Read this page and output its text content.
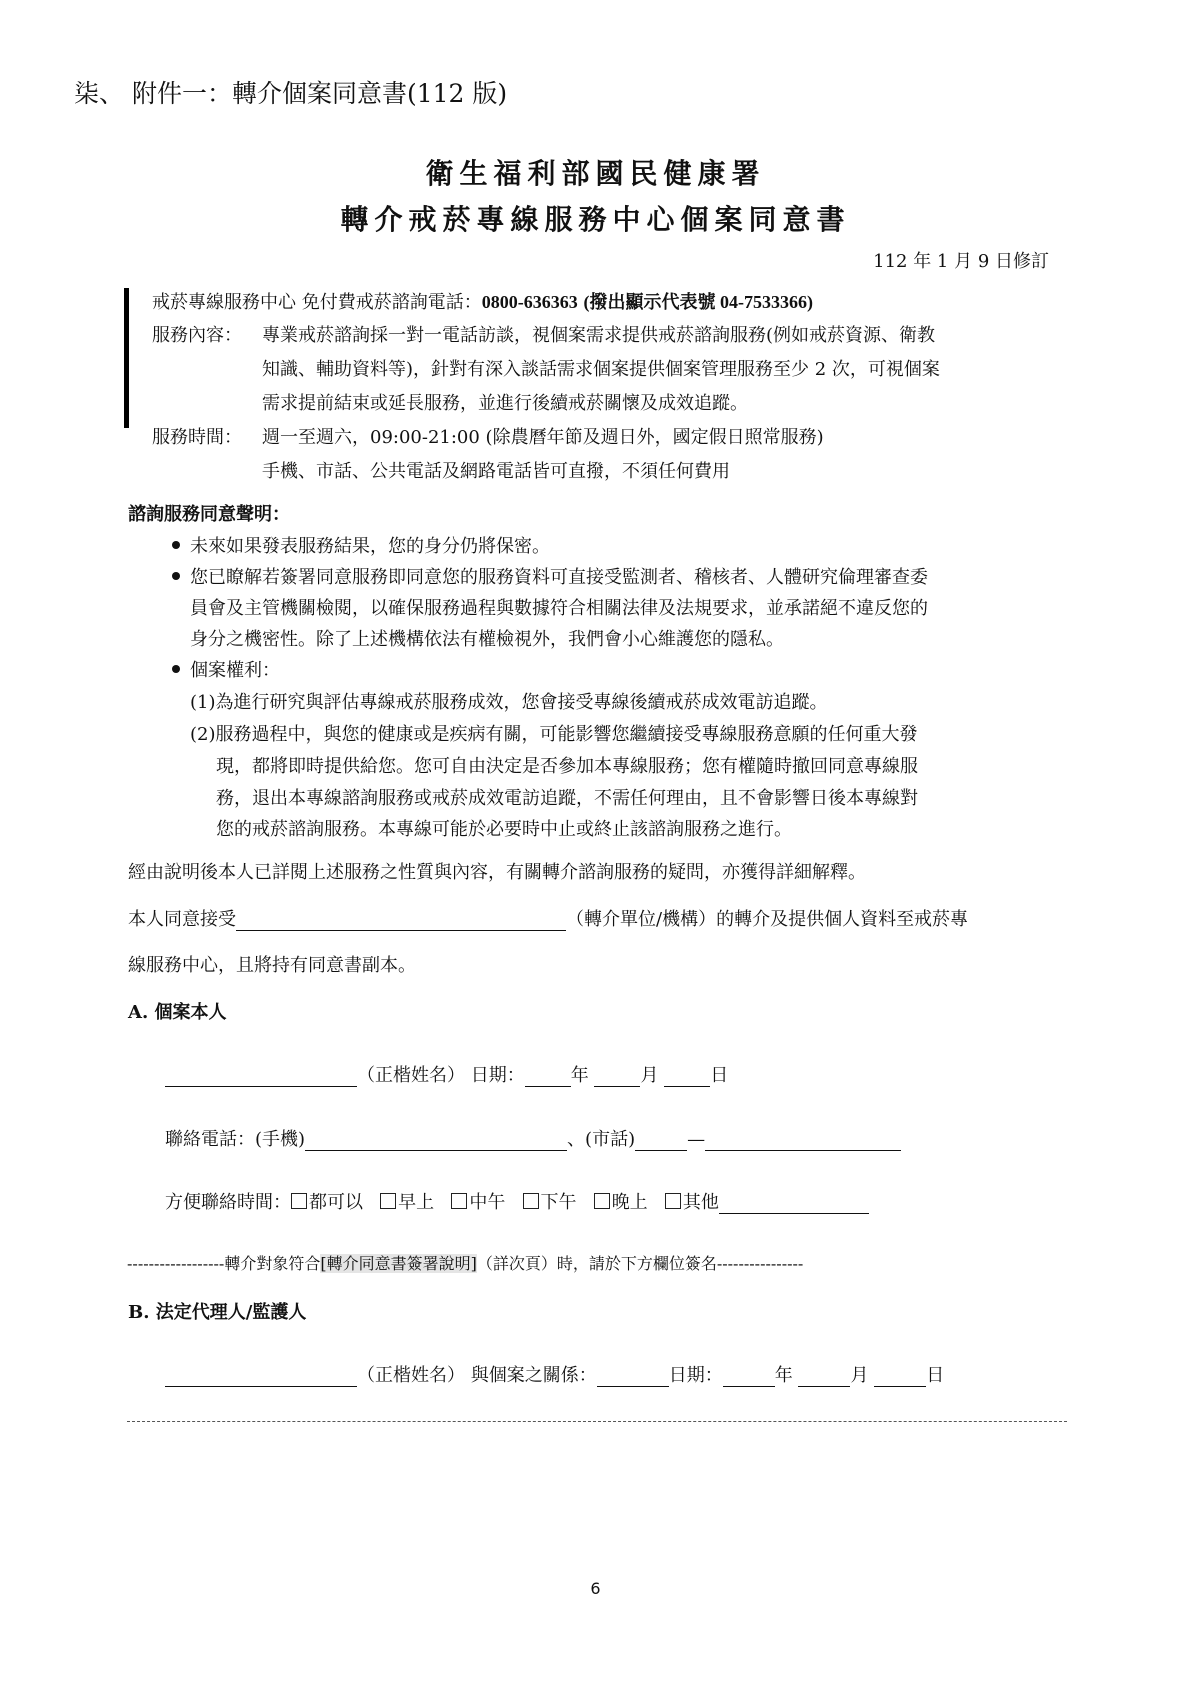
柒、 附件一：轉介個案同意書(112 版)
衛生福利部國民健康署
轉介戒菸專線服務中心個案同意書
112 年 1 月 9 日修訂
戒菸專線服務中心 免付費戒菸諮詢電話：0800-636363 (撥出顯示代表號 04-7533366)
服務內容： 專業戒菸諮詢採一對一電話訪談，視個案需求提供戒菸諮詢服務(例如戒菸資源、衛教
知識、輔助資料等)，針對有深入談話需求個案提供個案管理服務至少 2 次，可視個案
需求提前結束或延長服務，並進行後續戒菸關懷及成效追蹤。
服務時間： 週一至週六，09:00-21:00 (除農曆年節及週日外，國定假日照常服務)
手機、市話、公共電話及網路電話皆可直撥，不須任何費用
諮詢服務同意聲明：
未來如果發表服務結果，您的身分仍將保密。
您已瞭解若簽署同意服務即同意您的服務資料可直接受監測者、稽核者、人體研究倫理審查委
員會及主管機關檢閱，以確保服務過程與數據符合相關法律及法規要求，並承諾絕不違反您的
身分之機密性。除了上述機構依法有權檢視外，我們會小心維護您的隱私。
個案權利：
(1)為進行研究與評估專線戒菸服務成效，您會接受專線後續戒菸成效電訪追蹤。
(2)服務過程中，與您的健康或是疾病有關，可能影響您繼續接受專線服務意願的任何重大發
現，都將即時提供給您。您可自由決定是否參加本專線服務；您有權隨時撤回同意專線服
務，退出本專線諮詢服務或戒菸成效電訪追蹤，不需任何理由，且不會影響日後本專線對
您的戒菸諮詢服務。本專線可能於必要時中止或終止該諮詢服務之進行。
經由說明後本人已詳閱上述服務之性質與內容，有關轉介諮詢服務的疑問，亦獲得詳細解釋。
本人同意接受	（轉介單位/機構）的轉介及提供個人資料至戒菸專
線服務中心，且將持有同意書副本。
A. 個案本人
（正楷姓名） 日期：	年	月	日
聯絡電話：(手機)	、(市話)	—
方便聯絡時間： 都可以 早上 中午 下午 晚上 其他
------------------轉介對象符合[轉介同意書簽署說明]（詳次頁）時，請於下方欄位簽名----------------
B. 法定代理人/監護人
（正楷姓名） 與個案之關係：	日期：	年	月	日
6
